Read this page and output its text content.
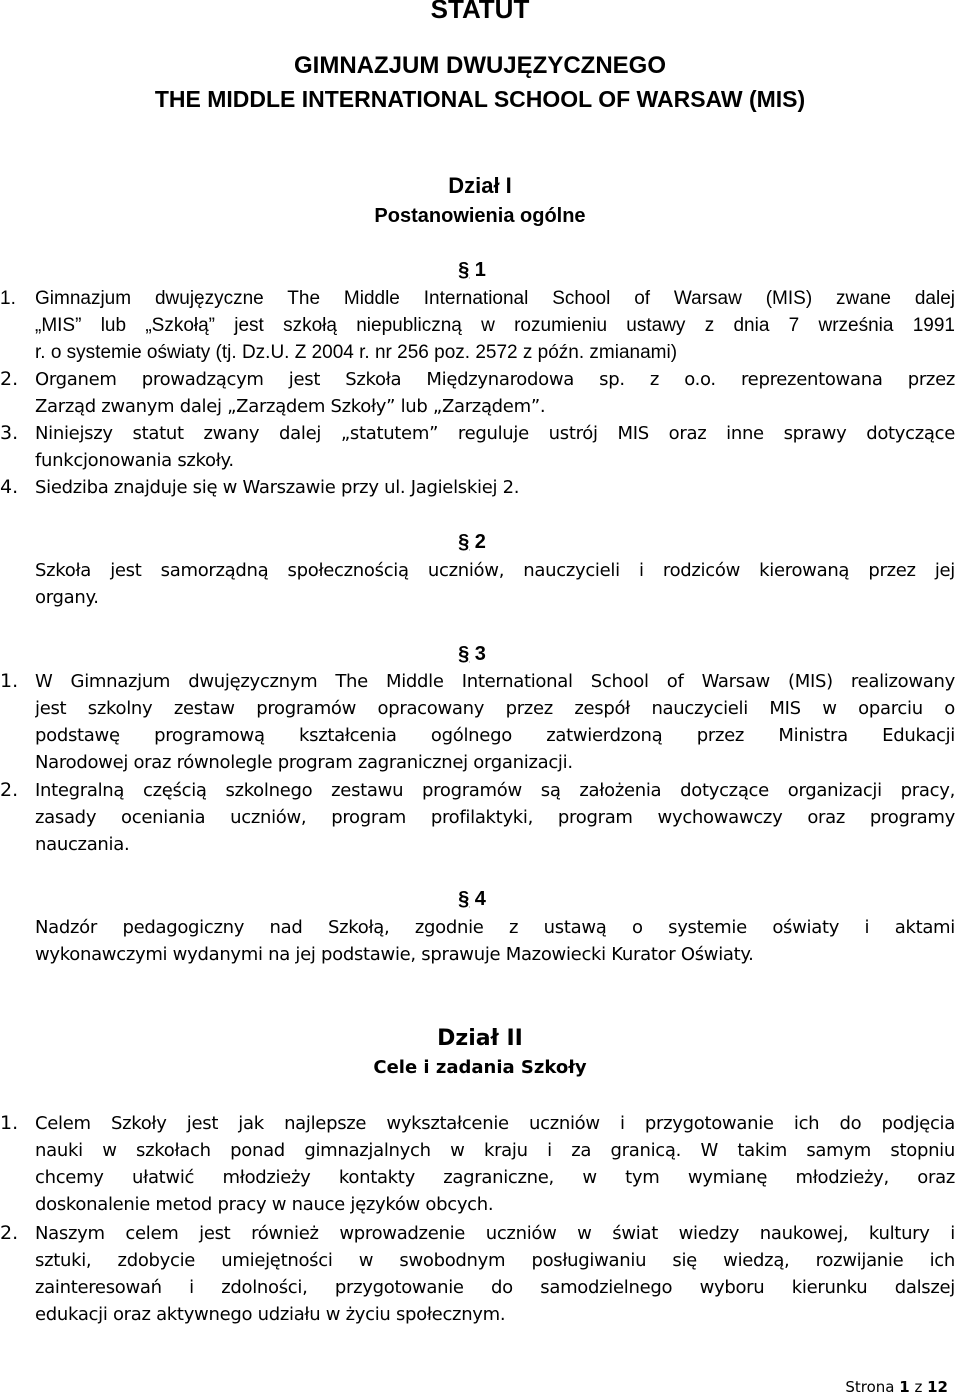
STATUT
GIMNAZJUM DWUJĘZYCZNEGO
THE MIDDLE INTERNATIONAL SCHOOL OF WARSAW (MIS)
Dział I
Postanowienia ogólne
§ 1
1.	Gimnazjum dwujęzyczne The Middle International School of Warsaw (MIS) zwane dalej
„MIS” lub „Szkołą” jest szkołą niepubliczną w rozumieniu ustawy z dnia 7 września 1991
r. o systemie oświaty (tj. Dz.U. Z 2004 r. nr 256 poz. 2572 z późn. zmianami)
2. Organem prowadzącym jest Szkoła Międzynarodowa sp. z o.o. reprezentowana przez
Zarząd zwanym dalej „Zarządem Szkoły” lub „Zarządem”.
3. Niniejszy statut zwany dalej „statutem” reguluje ustrój MIS oraz inne sprawy dotyczące
funkcjonowania szkoły.
4. Siedziba znajduje się w Warszawie przy ul. Jagielskiej 2.
§ 2
Szkoła jest samorządną społecznością uczniów, nauczycieli i rodziców kierowaną przez jej
organy.
§ 3
1. W Gimnazjum dwujęzycznym The Middle International School of Warsaw (MIS) realizowany
jest szkolny zestaw programów opracowany przez zespół nauczycieli MIS w oparciu o
podstawę programową kształcenia ogólnego zatwierdzoną przez Ministra Edukacji
Narodowej oraz równolegle program zagranicznej organizacji.
2. Integralną częścią szkolnego zestawu programów są założenia dotyczące organizacji pracy,
zasady oceniania uczniów, program profilaktyki, program wychowawczy oraz programy
nauczania.
§ 4
Nadzór pedagogiczny nad Szkołą, zgodnie z ustawą o systemie oświaty i aktami
wykonawczymi wydanymi na jej podstawie, sprawuje Mazowiecki Kurator Oświaty.
Dział II
Cele i zadania Szkoły
1. Celem Szkoły jest jak najlepsze wykształcenie uczniów i przygotowanie ich do podjęcia
nauki w szkołach ponad gimnazjalnych w kraju i za granicą. W takim samym stopniu
chcemy ułatwić młodzieży kontakty zagraniczne, w tym wymianę młodzieży, oraz
doskonalenie metod pracy w nauce języków obcych.
2. Naszym celem jest również wprowadzenie uczniów w świat wiedzy naukowej, kultury i
sztuki, zdobycie umiejętności w swobodnym posługiwaniu się wiedzą, rozwijanie ich
zainteresowań i zdolności, przygotowanie do samodzielnego wyboru kierunku dalszej
edukacji oraz aktywnego udziału w życiu społecznym.
Strona 1 z 12
